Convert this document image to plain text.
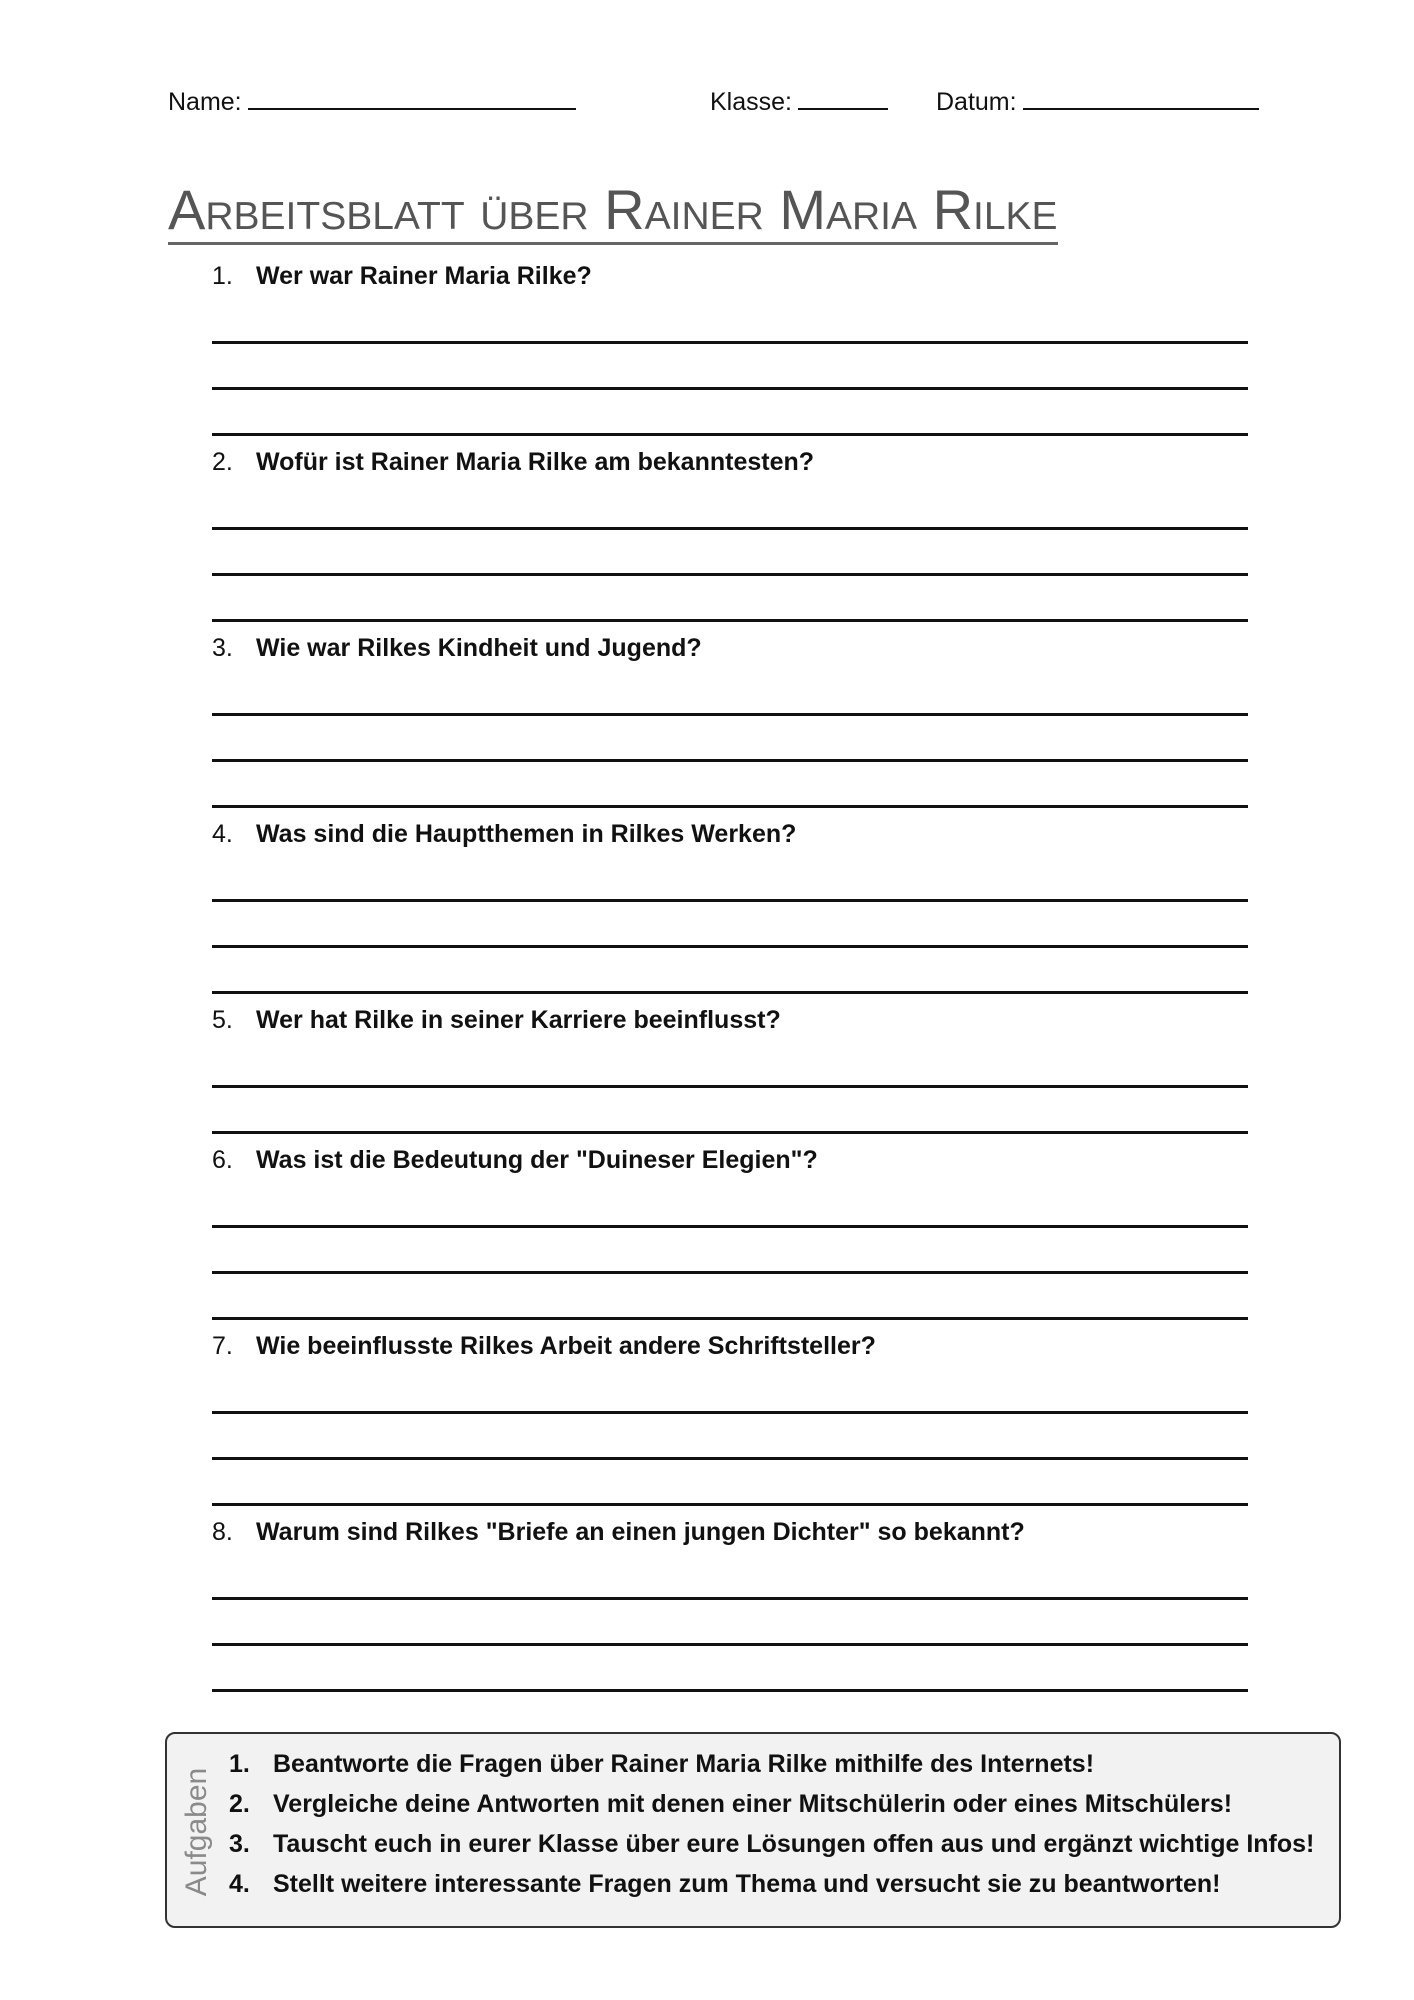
Name:	Klasse:	Datum:
Arbeitsblatt über Rainer Maria Rilke
1. Wer war Rainer Maria Rilke?
2. Wofür ist Rainer Maria Rilke am bekanntesten?
3. Wie war Rilkes Kindheit und Jugend?
4. Was sind die Hauptthemen in Rilkes Werken?
5. Wer hat Rilke in seiner Karriere beeinflusst?
6. Was ist die Bedeutung der "Duineser Elegien"?
7. Wie beeinflusste Rilkes Arbeit andere Schriftsteller?
8. Warum sind Rilkes "Briefe an einen jungen Dichter" so bekannt?
Aufgaben
1. Beantworte die Fragen über Rainer Maria Rilke mithilfe des Internets!
2. Vergleiche deine Antworten mit denen einer Mitschülerin oder eines Mitschülers!
3. Tauscht euch in eurer Klasse über eure Lösungen offen aus und ergänzt wichtige Infos!
4. Stellt weitere interessante Fragen zum Thema und versucht sie zu beantworten!
